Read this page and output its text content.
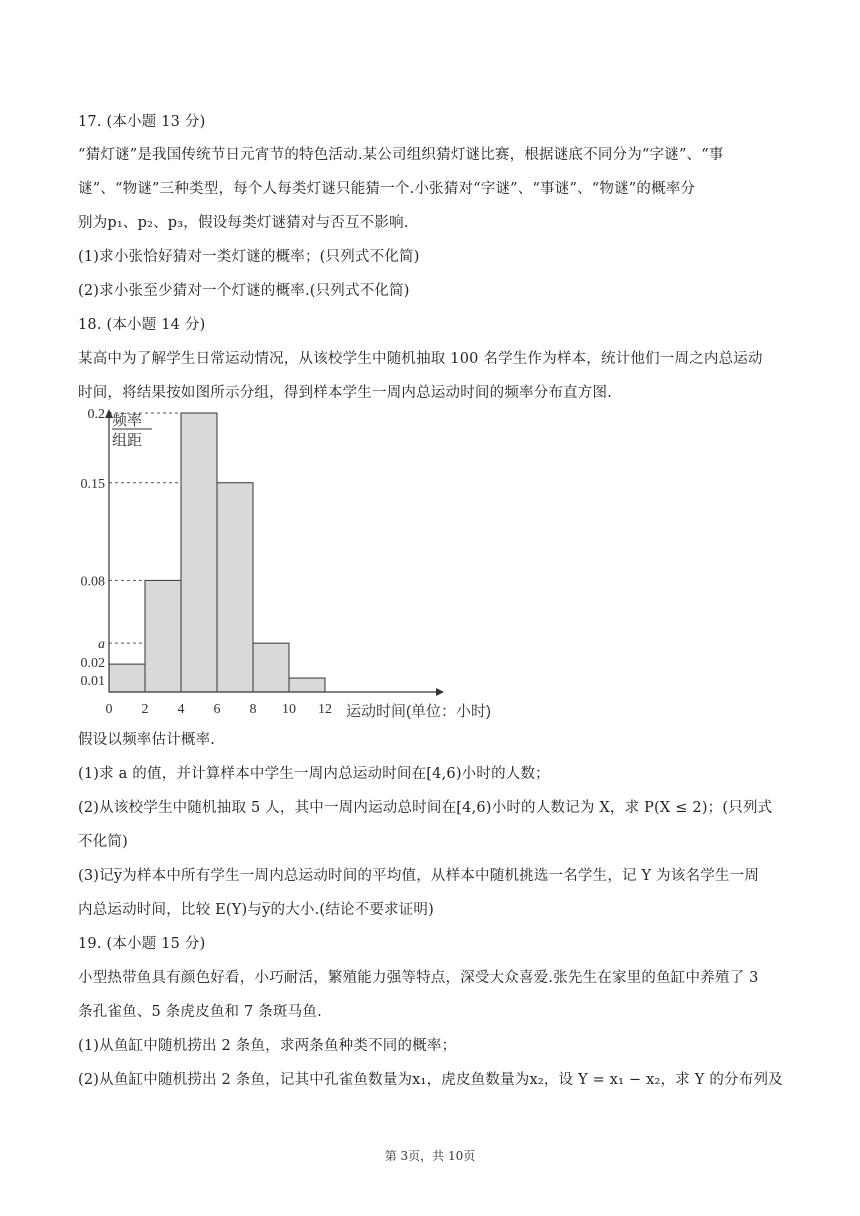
17. (本小题 13 分)
“猜灯谜”是我国传统节日元宵节的特色活动.某公司组织猜灯谜比赛，根据谜底不同分为“字谜”、“事
谜”、“物谜”三种类型，每个人每类灯谜只能猜一个.小张猜对“字谜”、“事谜”、“物谜”的概率分
别为p₁、p₂、p₃，假设每类灯谜猜对与否互不影响.
(1)求小张恰好猜对一类灯谜的概率；(只列式不化简)
(2)求小张至少猜对一个灯谜的概率.(只列式不化简)
18. (本小题 14 分)
某高中为了解学生日常运动情况，从该校学生中随机抽取 100 名学生作为样本，统计他们一周之内总运动
时间，将结果按如图所示分组，得到样本学生一周内总运动时间的频率分布直方图.
频率
组距
运动时间(单位：小时)
0 2 4 6 8 10 12
0.2
0.15
0.08
a
0.02
0.01
假设以频率估计概率.
(1)求 a 的值，并计算样本中学生一周内总运动时间在[4,6)小时的人数；
(2)从该校学生中随机抽取 5 人，其中一周内运动总时间在[4,6)小时的人数记为 X，求 P(X ≤ 2)；(只列式
不化简)
(3)记y̅为样本中所有学生一周内总运动时间的平均值，从样本中随机挑选一名学生，记 Y 为该名学生一周
内总运动时间，比较 E(Y)与y̅的大小.(结论不要求证明)
19. (本小题 15 分)
小型热带鱼具有颜色好看，小巧耐活，繁殖能力强等特点，深受大众喜爱.张先生在家里的鱼缸中养殖了 3
条孔雀鱼、5 条虎皮鱼和 7 条斑马鱼.
(1)从鱼缸中随机捞出 2 条鱼，求两条鱼种类不同的概率；
(2)从鱼缸中随机捞出 2 条鱼，记其中孔雀鱼数量为x₁，虎皮鱼数量为x₂，设 Y = x₁ − x₂，求 Y 的分布列及
第 3页，共 10页
